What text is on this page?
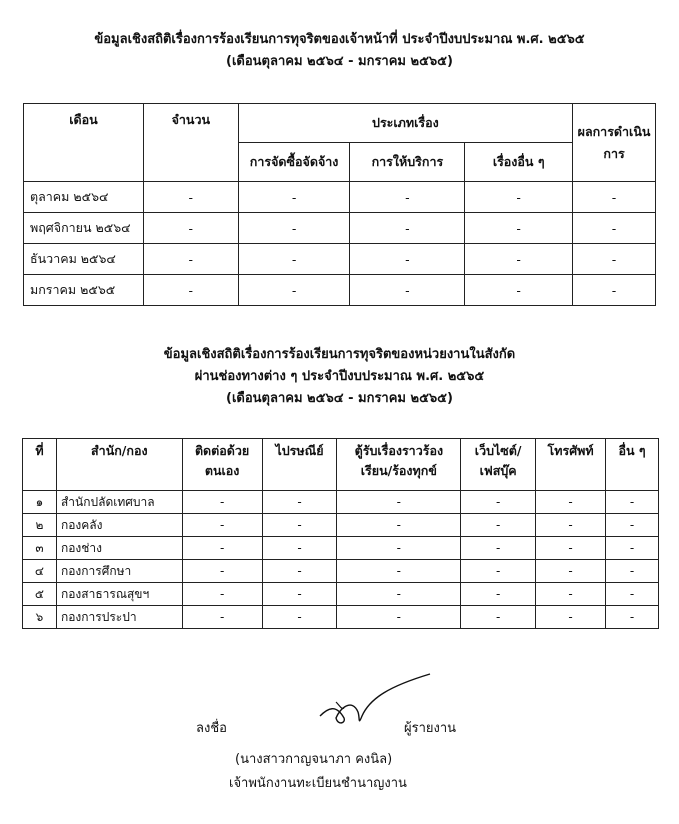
ข้อมูลเชิงสถิติเรื่องการร้องเรียนการทุจริตของเจ้าหน้าที่ ประจำปีงบประมาณ พ.ศ. ๒๕๖๕
(เดือนตุลาคม ๒๕๖๔ - มกราคม ๒๕๖๕)
เดือน	จำนวน	ประเภทเรื่อง			ผลการดำเนินการ
		การจัดซื้อจัดจ้าง	การให้บริการ	เรื่องอื่น ๆ	
ตุลาคม ๒๕๖๔	-	-	-	-	-
พฤศจิกายน ๒๕๖๔	-	-	-	-	-
ธันวาคม ๒๕๖๔	-	-	-	-	-
มกราคม ๒๕๖๕	-	-	-	-	-
ข้อมูลเชิงสถิติเรื่องการร้องเรียนการทุจริตของหน่วยงานในสังกัด
ผ่านช่องทางต่าง ๆ ประจำปีงบประมาณ พ.ศ. ๒๕๖๕
(เดือนตุลาคม ๒๕๖๔ - มกราคม ๒๕๖๕)
ที่	สำนัก/กอง	ติดต่อด้วยตนเอง	ไปรษณีย์	ตู้รับเรื่องราวร้องเรียน/ร้องทุกข์	เว็บไซต์/เฟสบุ๊ค	โทรศัพท์	อื่น ๆ
๑	สำนักปลัดเทศบาล	-	-	-	-	-	-
๒	กองคลัง	-	-	-	-	-	-
๓	กองช่าง	-	-	-	-	-	-
๔	กองการศึกษา	-	-	-	-	-	-
๕	กองสาธารณสุขฯ	-	-	-	-	-	-
๖	กองการประปา	-	-	-	-	-	-
ลงชื่อ	ผู้รายงาน
(นางสาวกาญจนาภา คงนิล)
เจ้าพนักงานทะเบียนชำนาญงาน
